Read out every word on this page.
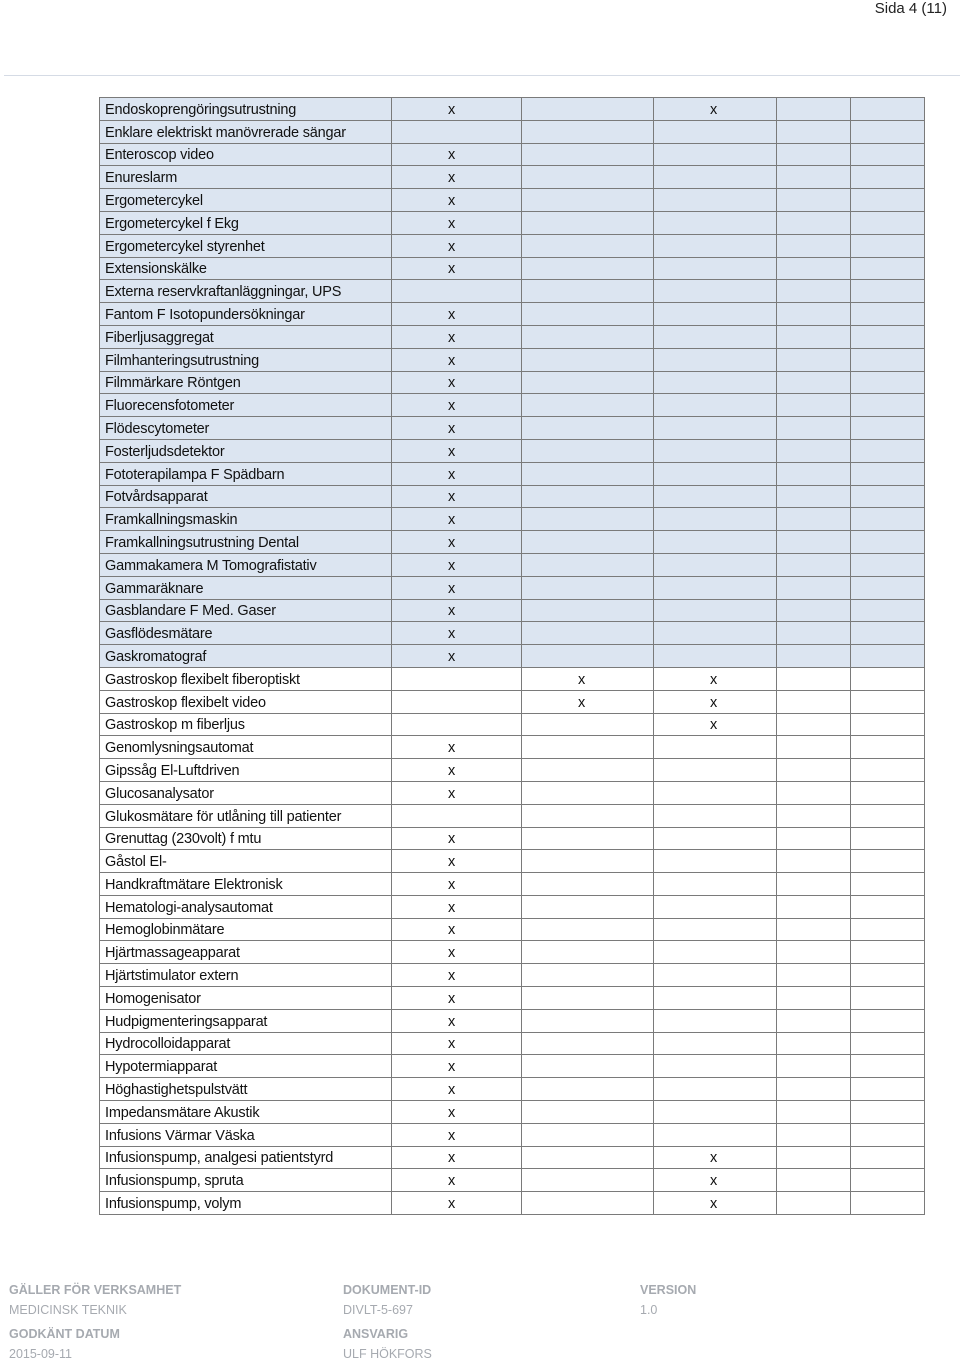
Sida 4 (11)
Endoskoprengöringsutrustning	x		x			
Enklare elektriskt manövrerade sängar						
Enteroscop video	x					
Enureslarm	x					
Ergometercykel	x					
Ergometercykel f Ekg	x					
Ergometercykel styrenhet	x					
Extensionskälke	x					
Externa reservkraftanläggningar, UPS						
Fantom F Isotopundersökningar	x					
Fiberljusaggregat	x					
Filmhanteringsutrustning	x					
Filmmärkare Röntgen	x					
Fluorecensfotometer	x					
Flödescytometer	x					
Fosterljudsdetektor	x					
Fototerapilampa F Spädbarn	x					
Fotvårdsapparat	x					
Framkallningsmaskin	x					
Framkallningsutrustning Dental	x					
Gammakamera M Tomografistativ	x					
Gammaräknare	x					
Gasblandare F Med. Gaser	x					
Gasflödesmätare	x					
Gaskromatograf	x					
Gastroskop flexibelt fiberoptiskt		x	x			
Gastroskop flexibelt video		x	x			
Gastroskop m fiberljus			x			
Genomlysningsautomat	x					
Gipssåg El-Luftdriven	x					
Glucosanalysator	x					
Glukosmätare för utlåning till patienter						
Grenuttag (230volt) f mtu	x					
Gåstol El-	x					
Handkraftmätare Elektronisk	x					
Hematologi-analysautomat	x					
Hemoglobinmätare	x					
Hjärtmassageapparat	x					
Hjärtstimulator extern	x					
Homogenisator	x					
Hudpigmenteringsapparat	x					
Hydrocolloidapparat	x					
Hypotermiapparat	x					
Höghastighetspulstvätt	x					
Impedansmätare Akustik	x					
Infusions Värmar Väska	x					
Infusionspump, analgesi patientstyrd	x		x			
Infusionspump, spruta	x		x			
Infusionspump, volym	x		x			
GÄLLER FÖR VERKSAMHET
MEDICINSK TEKNIK
GODKÄNT DATUM
2015-09-11
DOKUMENT-ID
DIVLT-5-697
ANSVARIG
ULF HÖKFORS
VERSION
1.0
